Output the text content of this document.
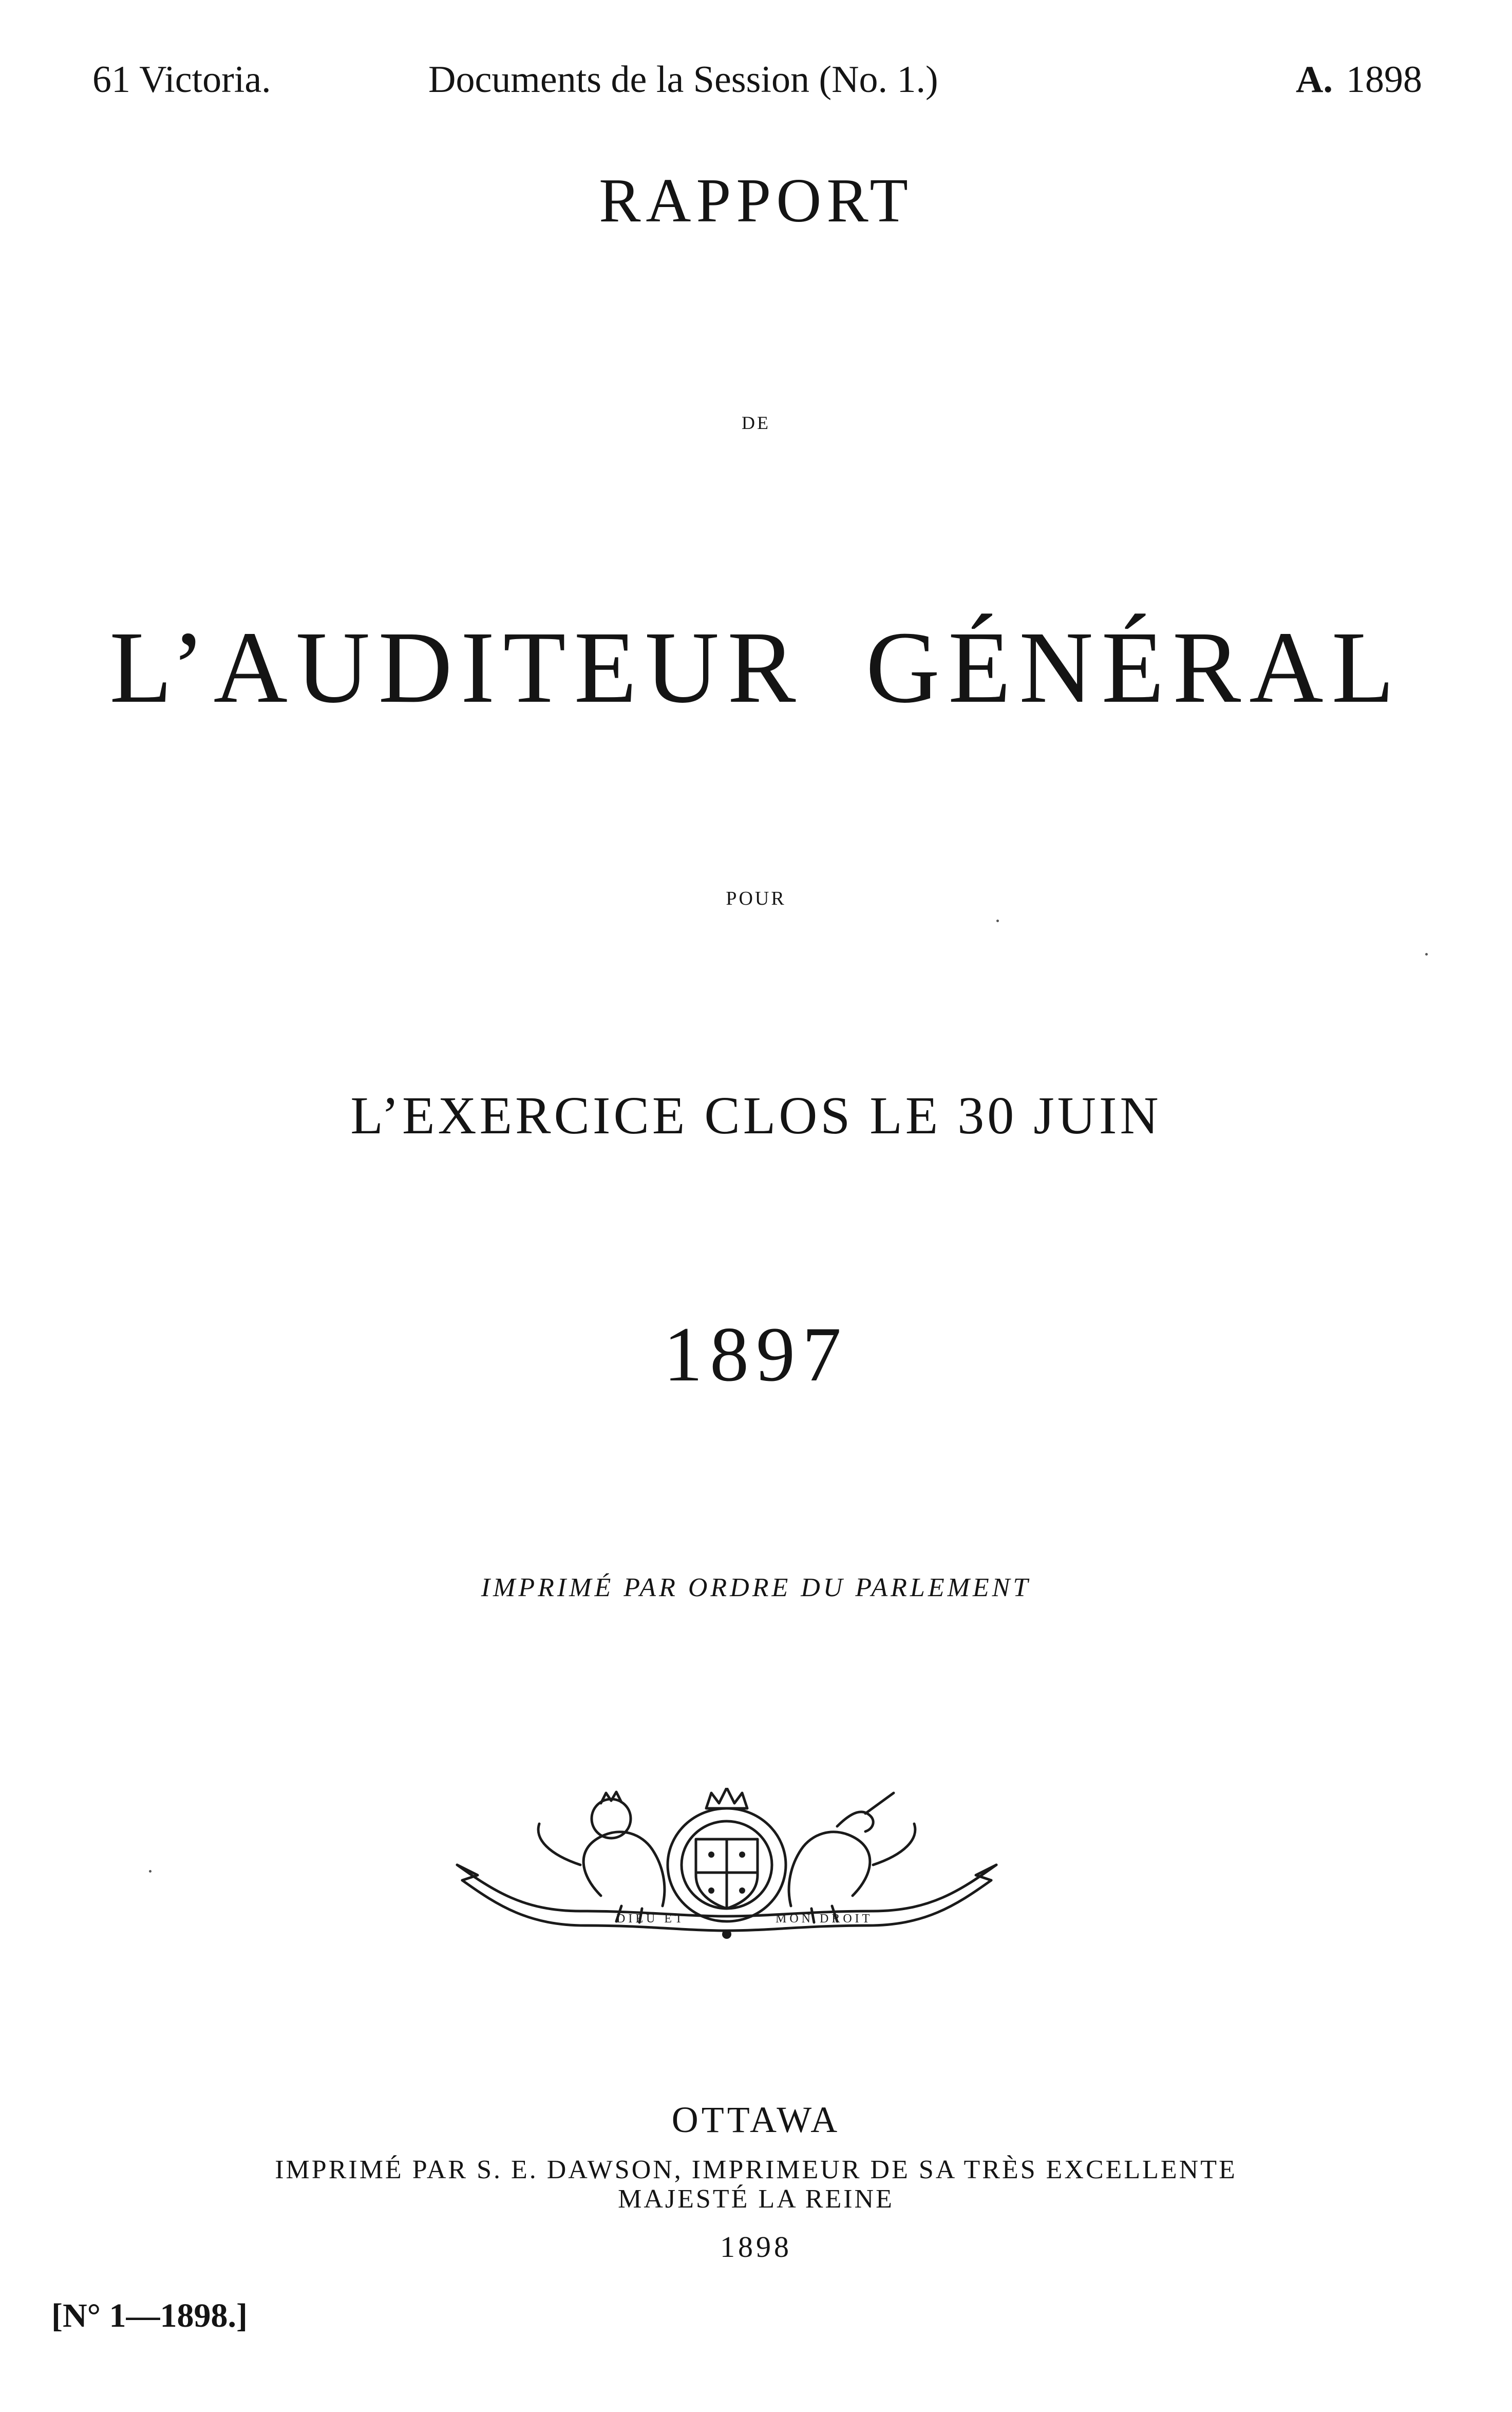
61 Victoria.	Documents de la Session (No. 1.)	A. 1898
RAPPORT
DE
L’AUDITEUR GÉNÉRAL
POUR
L’EXERCICE CLOS LE 30 JUIN
1897
IMPRIMÉ PAR ORDRE DU PARLEMENT
DIEU ET	MON DROIT
OTTAWA
IMPRIMÉ PAR S. E. DAWSON, IMPRIMEUR DE SA TRÈS EXCELLENTE
MAJESTÉ LA REINE
1898
[N° 1—1898.]
